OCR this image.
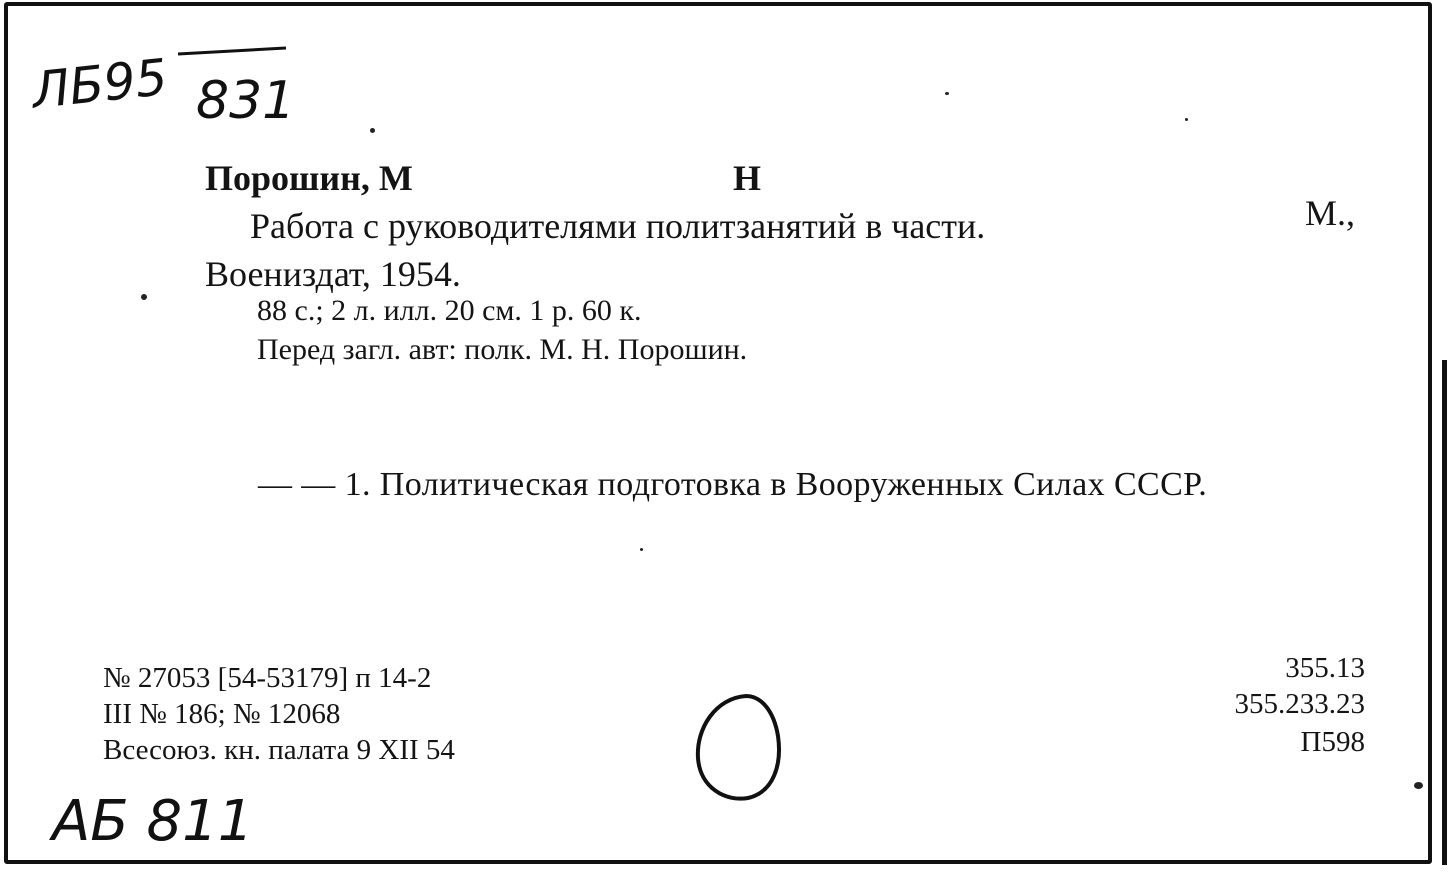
ЛБ95 831
Порошин, М	Н
Работа с руководителями политзанятий в части.	М.,
Воениздат, 1954.
88 с.; 2 л. илл. 20 см. 1 р. 60 к.
Перед загл. авт: полк. М. Н. Порошин.
— — 1. Политическая подготовка в Вооруженных Силах СССР.
№ 27053 [54-53179] п 14-2
III № 186; № 12068
Всесоюз. кн. палата 9 XII 54
355.13
355.233.23
П598
АБ 811
